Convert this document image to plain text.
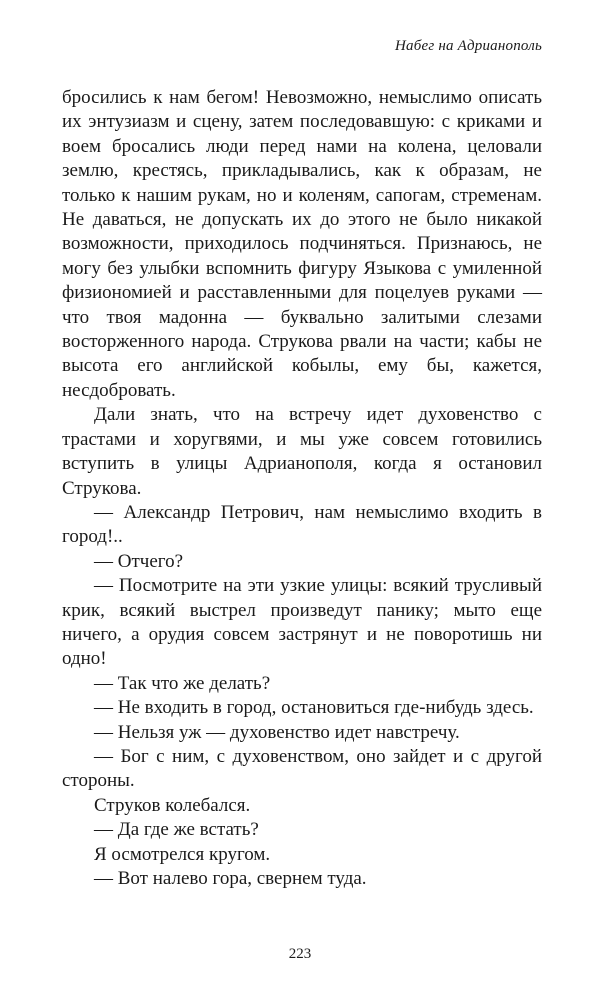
Набег на Адрианополь

бросились к нам бегом! Невозможно, немыслимо описать их энтузиазм и сцену, затем последовавшую: с криками и воем бросались люди перед нами на колена, целовали землю, крестясь, прикладывались, как к образам, не только к нашим рукам, но и коленям, сапогам, стременам. Не даваться, не допускать их до этого не было никакой возможности, приходилось подчиняться. Признаюсь, не могу без улыбки вспомнить фигуру Языкова с умиленной физиономией и расставленными для поцелуев руками — что твоя мадонна — буквально залитыми слезами восторженного народа. Струкова рвали на части; кабы не высота его английской кобылы, ему бы, кажется, несдобровать.

Дали знать, что на встречу идет духовенство с трастами и хоругвями, и мы уже совсем готовились вступить в улицы Адрианополя, когда я остановил Струкова.

— Александр Петрович, нам немыслимо входить в город!..

— Отчего?

— Посмотрите на эти узкие улицы: всякий трусливый крик, всякий выстрел произведут панику; мыто еще ничего, а орудия совсем застрянут и не поворотишь ни одно!

— Так что же делать?

— Не входить в город, остановиться где-нибудь здесь.

— Нельзя уж — духовенство идет навстречу.

— Бог с ним, с духовенством, оно зайдет и с другой стороны.

Струков колебался.

— Да где же встать?

Я осмотрелся кругом.

— Вот налево гора, свернем туда.

223
